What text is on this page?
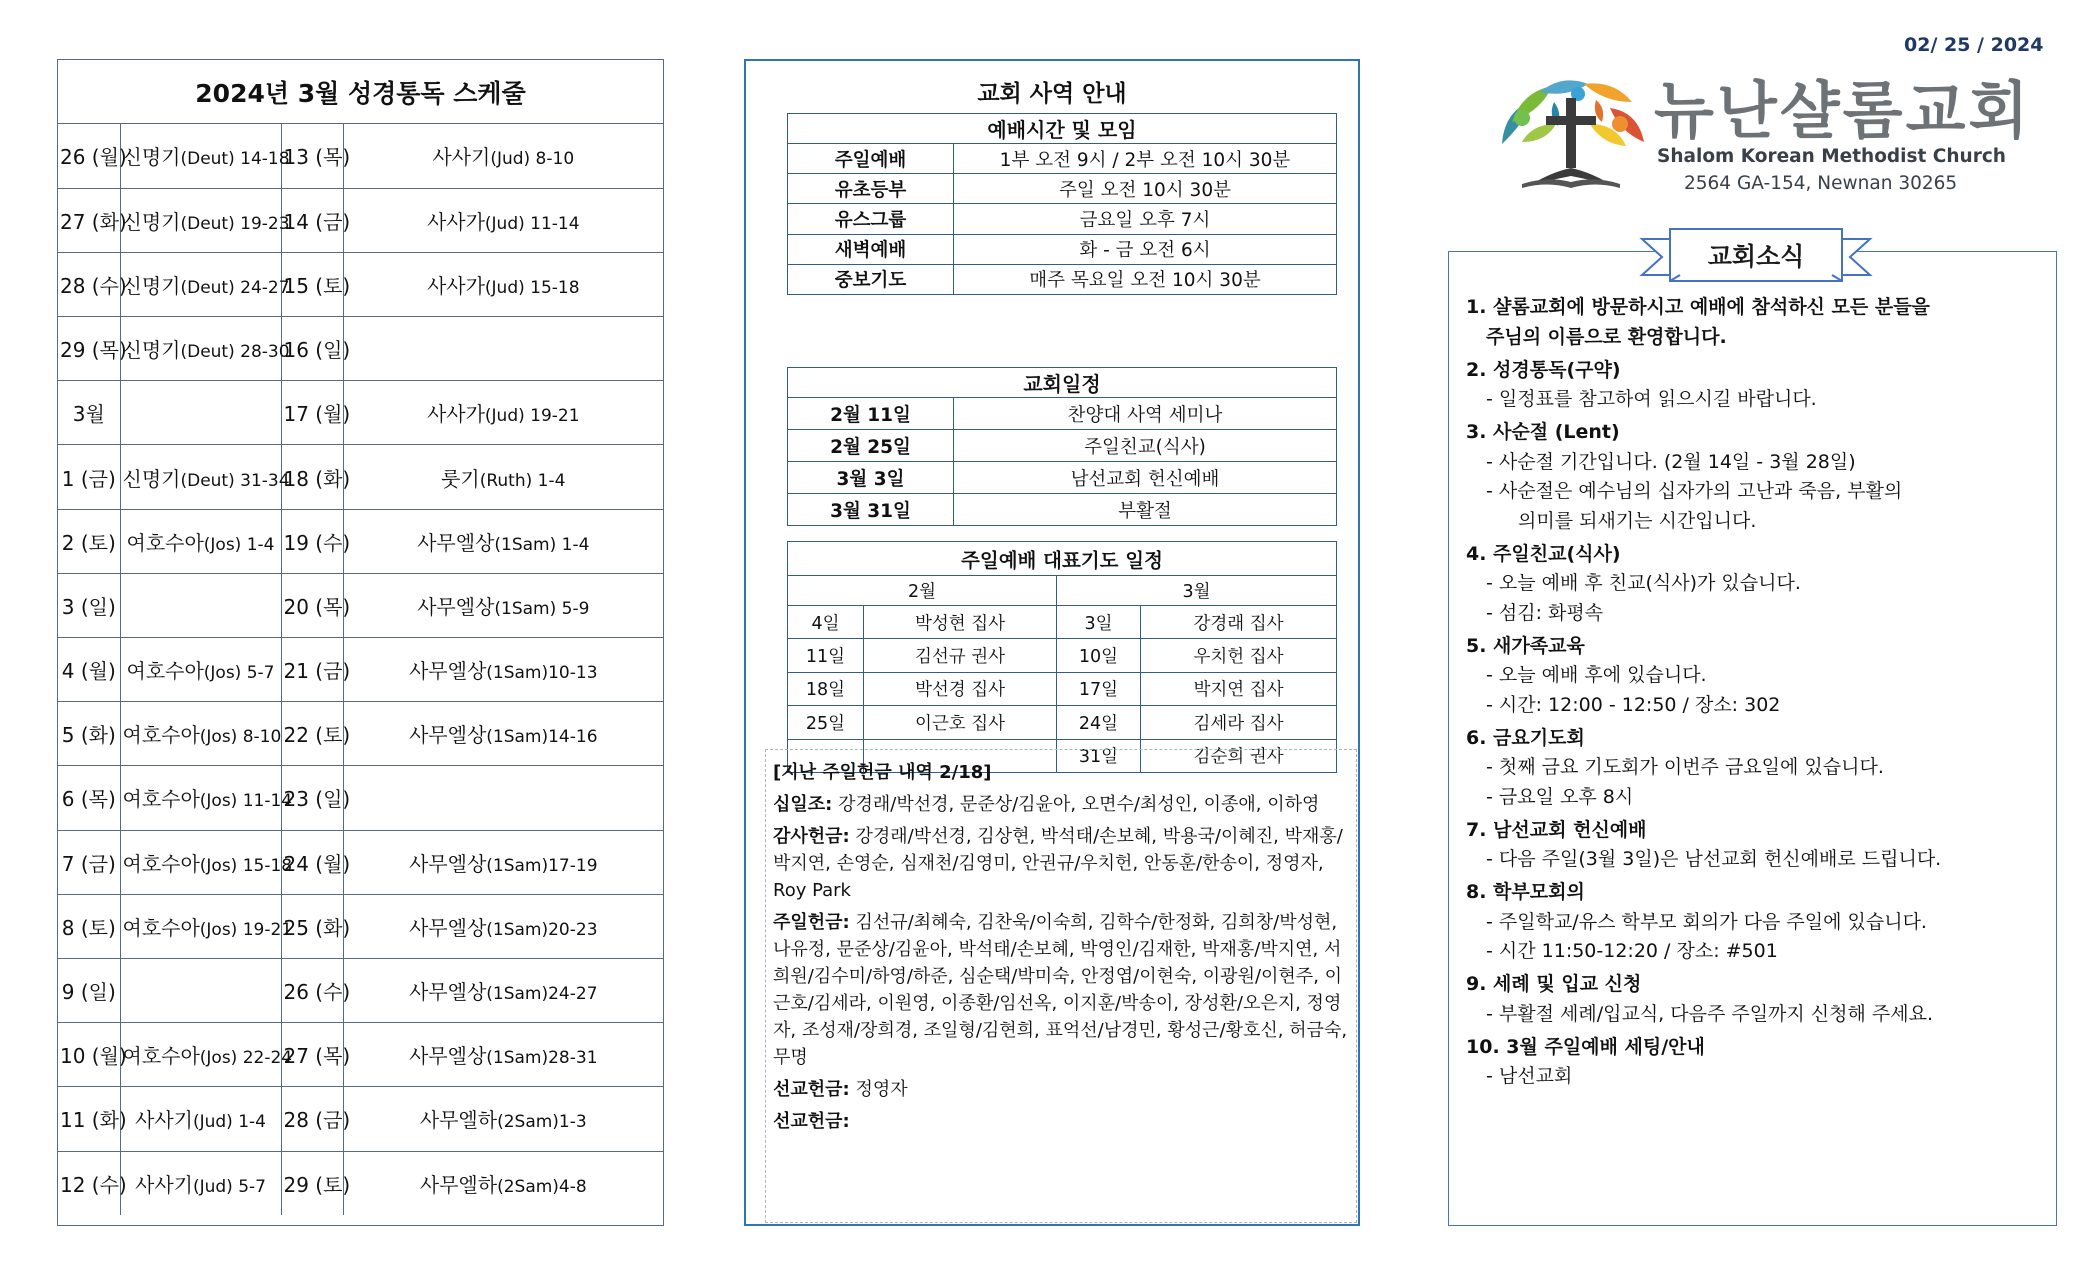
2024년 3월 성경통독 스케줄
26 (월)	신명기(Deut) 14-18	13 (목)	사사기(Jud) 8-10
27 (화)	신명기(Deut) 19-23	14 (금)	사사가(Jud) 11-14
28 (수)	신명기(Deut) 24-27	15 (토)	사사가(Jud) 15-18
29 (목)	신명기(Deut) 28-30	16 (일)	
3월		17 (월)	사사가(Jud) 19-21
1 (금)	신명기(Deut) 31-34	18 (화)	룻기(Ruth) 1-4
2 (토)	여호수아(Jos) 1-4	19 (수)	사무엘상(1Sam) 1-4
3 (일)		20 (목)	사무엘상(1Sam) 5-9
4 (월)	여호수아(Jos) 5-7	21 (금)	사무엘상(1Sam)10-13
5 (화)	여호수아(Jos) 8-10	22 (토)	사무엘상(1Sam)14-16
6 (목)	여호수아(Jos) 11-14	23 (일)	
7 (금)	여호수아(Jos) 15-18	24 (월)	사무엘상(1Sam)17-19
8 (토)	여호수아(Jos) 19-21	25 (화)	사무엘상(1Sam)20-23
9 (일)		26 (수)	사무엘상(1Sam)24-27
10 (월)	여호수아(Jos) 22-24	27 (목)	사무엘상(1Sam)28-31
11 (화)	사사기(Jud) 1-4	28 (금)	사무엘하(2Sam)1-3
12 (수)	사사기(Jud) 5-7	29 (토)	사무엘하(2Sam)4-8
교회 사역 안내
예배시간 및 모임	
주일예배	1부 오전 9시 / 2부 오전 10시 30분
유초등부	주일 오전 10시 30분
유스그룹	금요일 오후 7시
새벽예배	화 - 금 오전 6시
중보기도	매주 목요일 오전 10시 30분
교회일정	
2월 11일	찬양대 사역 세미나
2월 25일	주일친교(식사)
3월 3일	남선교회 헌신예배
3월 31일	부활절
주일예배 대표기도 일정			
2월		3월	
4일	박성현 집사	3일	강경래 집사
11일	김선규 권사	10일	우치헌 집사
18일	박선경 집사	17일	박지연 집사
25일	이근호 집사	24일	김세라 집사
		31일	김순희 권사

[지난 주일헌금 내역 2/18]

십일조: 강경래/박선경, 문준상/김윤아, 오면수/최성인, 이종애, 이하영

감사헌금: 강경래/박선경, 김상현, 박석태/손보혜, 박용국/이혜진, 박재홍/박지연, 손영순, 심재천/김영미, 안권규/우치헌, 안동훈/한송이, 정영자, Roy Park

주일헌금: 김선규/최혜숙, 김찬욱/이숙희, 김학수/한정화, 김희창/박성현, 나유정, 문준상/김윤아, 박석태/손보혜, 박영인/김재한, 박재홍/박지연, 서희원/김수미/하영/하준, 심순택/박미숙, 안정엽/이현숙, 이광원/이현주, 이근호/김세라, 이원영, 이종환/임선옥, 이지훈/박송이, 장성환/오은지, 정영자, 조성재/장희경, 조일형/김현희, 표억선/남경민, 황성근/황호신, 허금숙, 무명

선교헌금: 정영자

선교헌금:

02/ 25 / 2024
뉴난샬롬교회
Shalom Korean Methodist Church
2564 GA-154, Newnan 30265
교회소식
1. 샬롬교회에 방문하시고 예배에 참석하신 모든 분들을
주님의 이름으로 환영합니다.
2. 성경통독(구약)
- 일정표를 참고하여 읽으시길 바랍니다.
3. 사순절 (Lent)
- 사순절 기간입니다. (2월 14일 - 3월 28일)
- 사순절은 예수님의 십자가의 고난과 죽음, 부활의
의미를 되새기는 시간입니다.
4. 주일친교(식사)
- 오늘 예배 후 친교(식사)가 있습니다.
- 섬김: 화평속
5. 새가족교육
- 오늘 예배 후에 있습니다.
- 시간: 12:00 - 12:50 / 장소: 302
6. 금요기도회
- 첫째 금요 기도회가 이번주 금요일에 있습니다.
- 금요일 오후 8시
7. 남선교회 헌신예배
- 다음 주일(3월 3일)은 남선교회 헌신예배로 드립니다.
8. 학부모회의
- 주일학교/유스 학부모 회의가 다음 주일에 있습니다.
- 시간 11:50-12:20 / 장소: #501
9. 세례 및 입교 신청
- 부활절 세례/입교식, 다음주 주일까지 신청해 주세요.
10. 3월 주일예배 세팅/안내
- 남선교회
